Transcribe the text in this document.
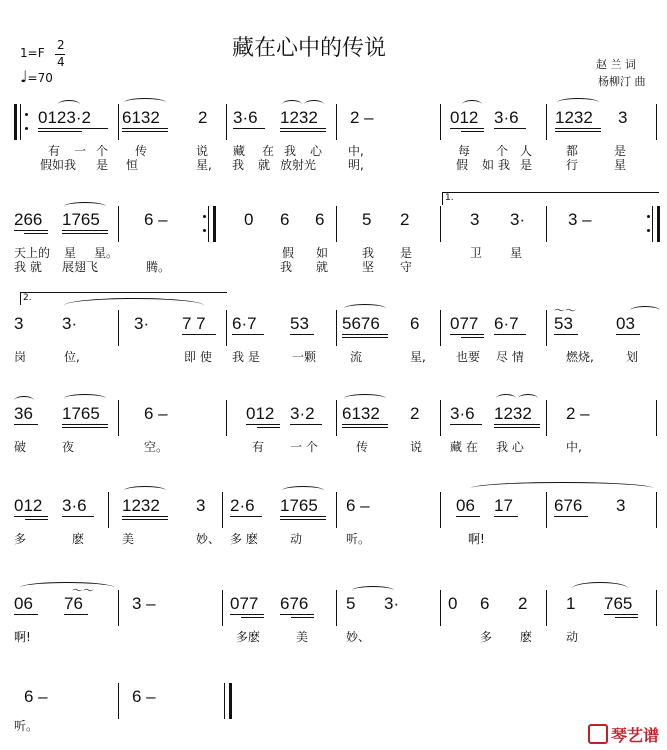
藏在心中的传说
赵 兰 词
杨柳汀 曲
1=F
2
4
♩=70
0123·2 6132 2 3·6 1232 2 –	012 3·6 1232 3
有 一 个 传	说 藏 在 我 心 中,	每 个 人	都	是
假如我 是 恒	星, 我 就 放射光	明,	假 如 我 是	行	星
1.
266 1765	6 –	0 6 6 5 2	3 3·	3 –
天上的 星 星。	假 如	我 是	卫 星
我 就 展翅飞	腾。	我 就	坚 守
2.
3 3·	3· 7 7 6·7 53 5676 6 077 6·7 53	03
～～
岗	位,	即 使 我 是	一颗	流	星,	也要 尽 情	燃烧,	划
36 1765	6 –	012 3·2 6132 2 3·6 1232 2 –
破	夜	空。	有 一 个	传	说 藏 在 我 心	中,
012 3·6 1232 3 2·6 1765 6 –	06 17 676 3
多	麽	美	妙、 多 麽	动	听。	啊!
06 76	3 –	077 676 5 3·	0 6 2 1 765
～～
啊!	多麽	美	妙、	多 麽	动
6 –	6 –
听。	琴艺谱
